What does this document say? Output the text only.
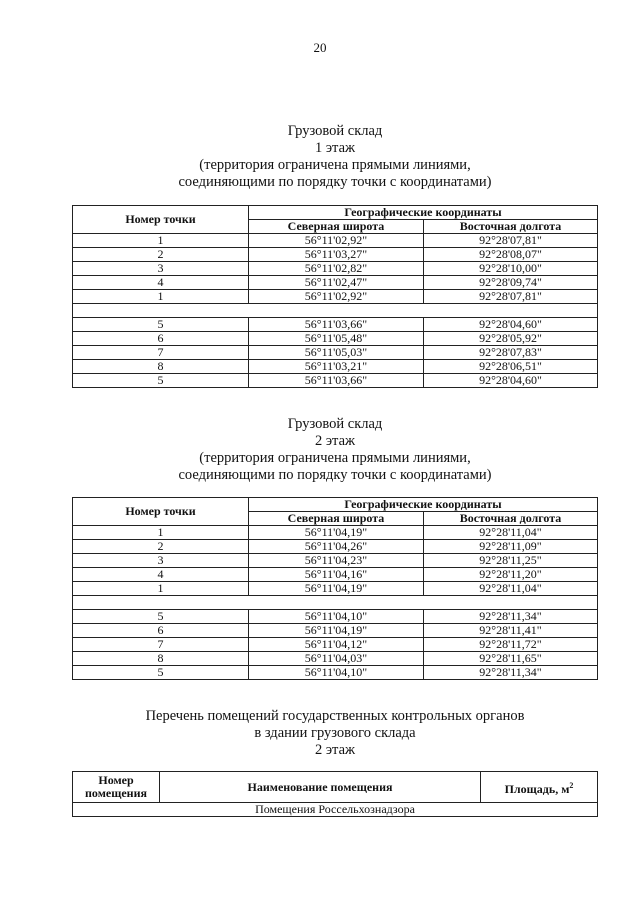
20
Грузовой склад
1 этаж
(территория ограничена прямыми линиями,
соединяющими по порядку точки с координатами)
Номер точки	Географические координаты	
	Северная широта	Восточная долгота
1	56°11'02,92"	92°28'07,81"
2	56°11'03,27"	92°28'08,07"
3	56°11'02,82"	92°28'10,00"
4	56°11'02,47"	92°28'09,74"
1	56°11'02,92"	92°28'07,81"

5	56°11'03,66"	92°28'04,60"
6	56°11'05,48"	92°28'05,92"
7	56°11'05,03"	92°28'07,83"
8	56°11'03,21"	92°28'06,51"
5	56°11'03,66"	92°28'04,60"
Грузовой склад
2 этаж
(территория ограничена прямыми линиями,
соединяющими по порядку точки с координатами)
Номер точки	Географические координаты	
	Северная широта	Восточная долгота
1	56°11'04,19"	92°28'11,04"
2	56°11'04,26"	92°28'11,09"
3	56°11'04,23"	92°28'11,25"
4	56°11'04,16"	92°28'11,20"
1	56°11'04,19"	92°28'11,04"

5	56°11'04,10"	92°28'11,34"
6	56°11'04,19"	92°28'11,41"
7	56°11'04,12"	92°28'11,72"
8	56°11'04,03"	92°28'11,65"
5	56°11'04,10"	92°28'11,34"
Перечень помещений государственных контрольных органов
в здании грузового склада
2 этаж
Номер
помещения	Наименование помещения	Площадь, $м^2$
Помещения Россельхознадзора
